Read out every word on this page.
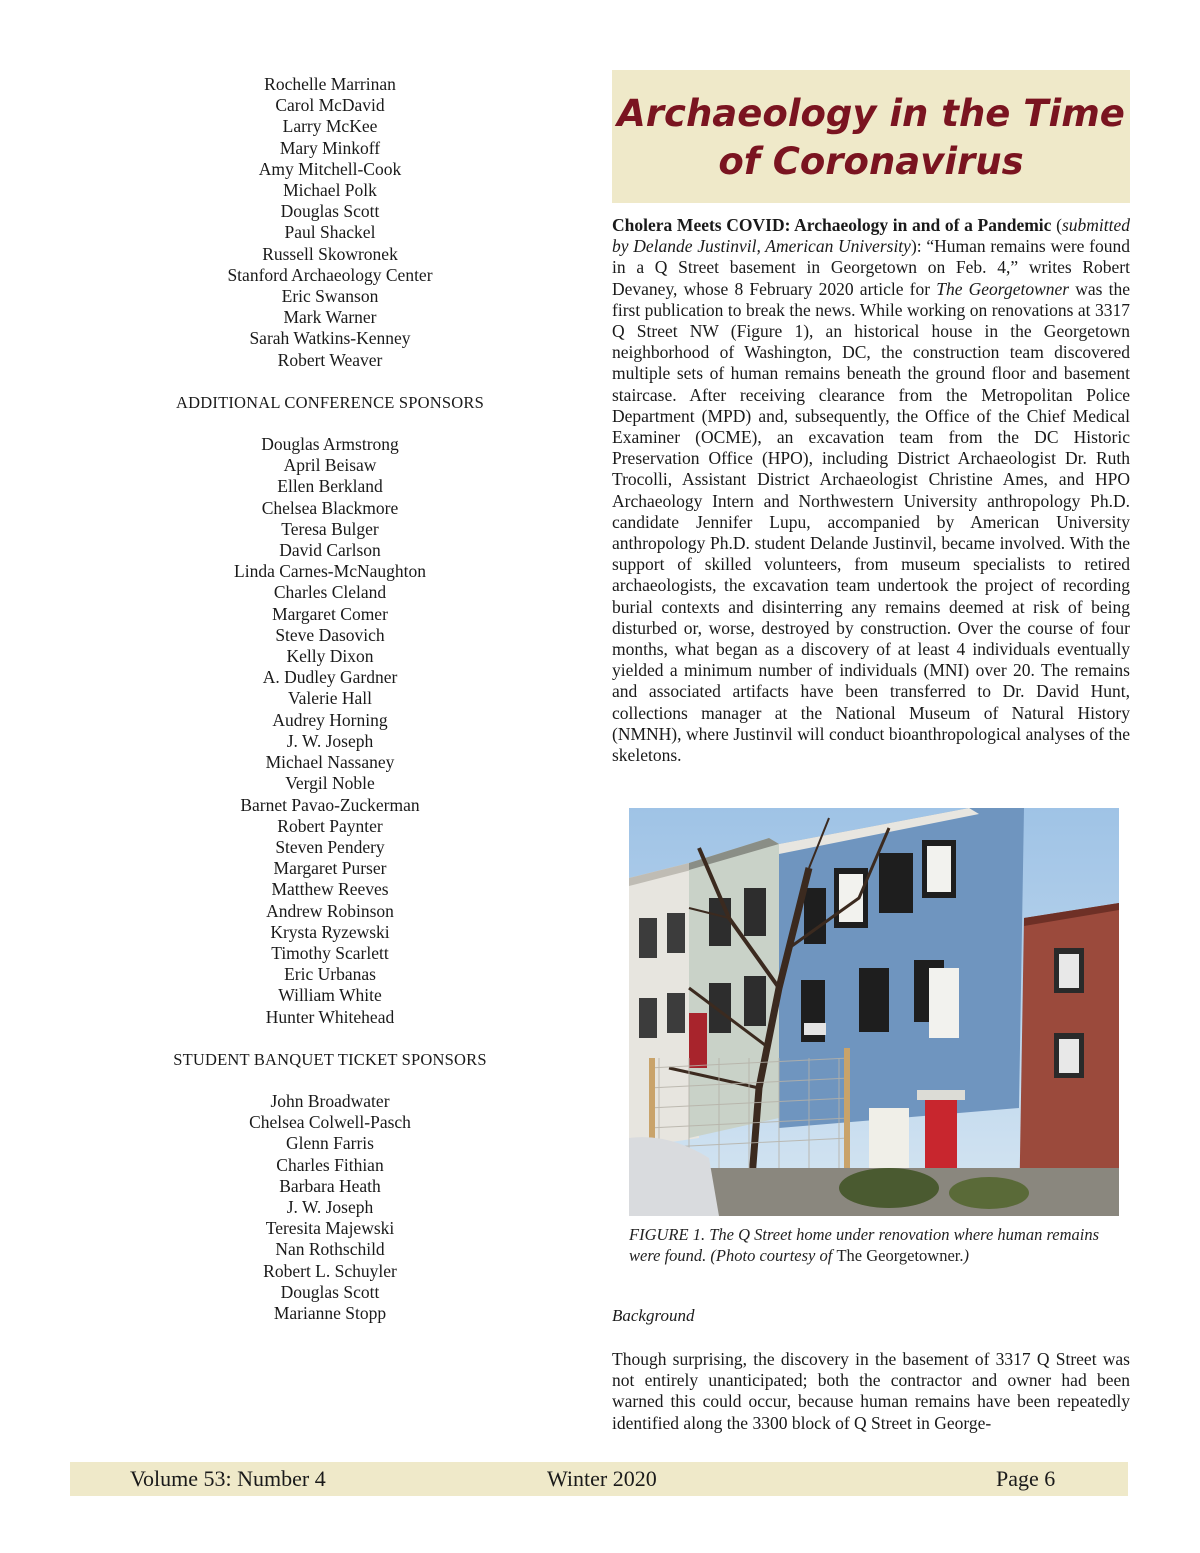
Rochelle Marrinan
Carol McDavid
Larry McKee
Mary Minkoff
Amy Mitchell-Cook
Michael Polk
Douglas Scott
Paul Shackel
Russell Skowronek
Stanford Archaeology Center
Eric Swanson
Mark Warner
Sarah Watkins-Kenney
Robert Weaver
ADDITIONAL CONFERENCE SPONSORS
Douglas Armstrong
April Beisaw
Ellen Berkland
Chelsea Blackmore
Teresa Bulger
David Carlson
Linda Carnes-McNaughton
Charles Cleland
Margaret Comer
Steve Dasovich
Kelly Dixon
A. Dudley Gardner
Valerie Hall
Audrey Horning
J. W. Joseph
Michael Nassaney
Vergil Noble
Barnet Pavao-Zuckerman
Robert Paynter
Steven Pendery
Margaret Purser
Matthew Reeves
Andrew Robinson
Krysta Ryzewski
Timothy Scarlett
Eric Urbanas
William White
Hunter Whitehead
STUDENT BANQUET TICKET SPONSORS
John Broadwater
Chelsea Colwell-Pasch
Glenn Farris
Charles Fithian
Barbara Heath
J. W. Joseph
Teresita Majewski
Nan Rothschild
Robert L. Schuyler
Douglas Scott
Marianne Stopp
Archaeology in the Time
of Coronavirus
Cholera Meets COVID: Archaeology in and of a Pandemic (submitted by Delande Justinvil, American University): “Human remains were found in a Q Street basement in Georgetown on Feb. 4,” writes Robert Devaney, whose 8 February 2020 article for The Georgetowner was the first publication to break the news. While working on renovations at 3317 Q Street NW (Figure 1), an historical house in the Georgetown neighborhood of Washington, DC, the construction team discovered multiple sets of human remains beneath the ground floor and basement staircase. After receiving clearance from the Metropolitan Police Department (MPD) and, subsequently, the Office of the Chief Medical Examiner (OCME), an excavation team from the DC Historic Preservation Office (HPO), including District Archaeologist Dr. Ruth Trocolli, Assistant District Archaeologist Christine Ames, and HPO Archaeology Intern and Northwestern University anthropology Ph.D. candidate Jennifer Lupu, accompanied by American University anthropology Ph.D. student Delande Justinvil, became involved. With the support of skilled volunteers, from museum specialists to retired archaeologists, the excavation team undertook the project of recording burial contexts and disinterring any remains deemed at risk of being disturbed or, worse, destroyed by construction. Over the course of four months, what began as a discovery of at least 4 individuals eventually yielded a minimum number of individuals (MNI) over 20. The remains and associated artifacts have been transferred to Dr. David Hunt, collections manager at the National Museum of Natural History (NMNH), where Justinvil will conduct bioanthropological analyses of the skeletons.
FIGURE 1. The Q Street home under renovation where human remains were found. (Photo courtesy of The Georgetowner.)
Background
Though surprising, the discovery in the basement of 3317 Q Street was not entirely unanticipated; both the contractor and owner had been warned this could occur, because human remains have been repeatedly identified along the 3300 block of Q Street in George-
Volume 53: Number 4	Winter 2020	Page 6
